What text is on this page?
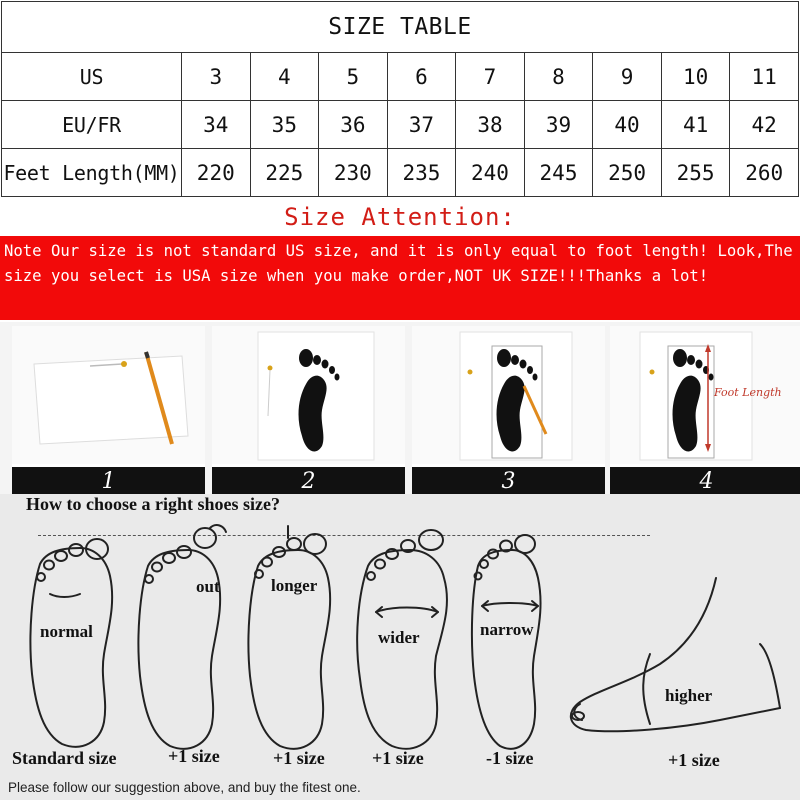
SIZE TABLE									
US	3	4	5	6	7	8	9	10	11
EU/FR	34	35	36	37	38	39	40	41	42
Feet Length(MM)	220	225	230	235	240	245	250	255	260
Size Attention:
Note Our size is not standard US size, and it is only equal to foot length! Look,The size you select is USA size when you make order,NOT UK SIZE!!!Thanks a lot!
1	2	3
Foot Length
4
How to choose a right shoes size?
normal
out	longer
wider	narrow
higher
Standard size	+1 size	+1 size	+1 size	-1 size	+1 size
Please follow our suggestion above, and buy the fitest one.
